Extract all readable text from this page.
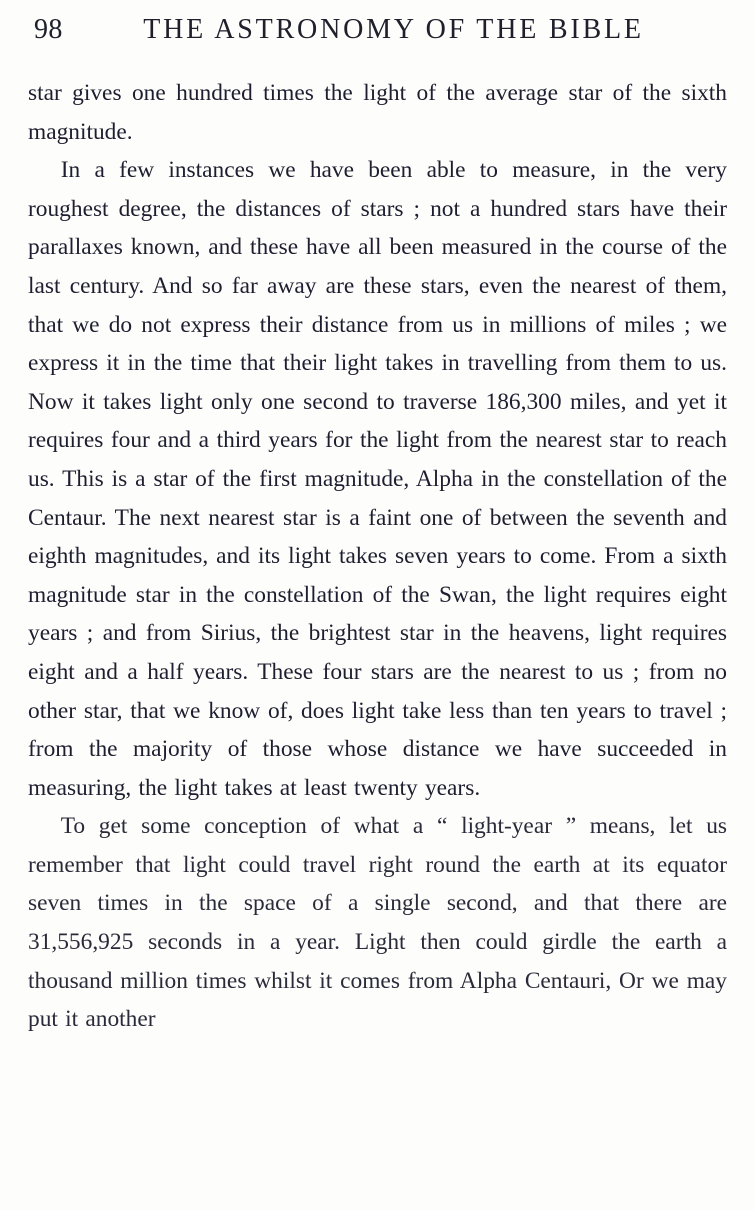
98	THE ASTRONOMY OF THE BIBLE

star gives one hundred times the light of the average star of the sixth magnitude.

In a few instances we have been able to measure, in the very roughest degree, the distances of stars ; not a hundred stars have their parallaxes known, and these have all been measured in the course of the last century. And so far away are these stars, even the nearest of them, that we do not express their distance from us in millions of miles ; we express it in the time that their light takes in travelling from them to us. Now it takes light only one second to traverse 186,300 miles, and yet it requires four and a third years for the light from the nearest star to reach us. This is a star of the first magnitude, Alpha in the constellation of the Centaur. The next nearest star is a faint one of between the seventh and eighth magnitudes, and its light takes seven years to come. From a sixth magnitude star in the constellation of the Swan, the light requires eight years ; and from Sirius, the brightest star in the heavens, light requires eight and a half years. These four stars are the nearest to us ; from no other star, that we know of, does light take less than ten years to travel ; from the majority of those whose distance we have succeeded in measuring, the light takes at least twenty years.

To get some conception of what a “ light-year ” means, let us remember that light could travel right round the earth at its equator seven times in the space of a single second, and that there are 31,556,925 seconds in a year. Light then could girdle the earth a thousand million times whilst it comes from Alpha Centauri, Or we may put it another
